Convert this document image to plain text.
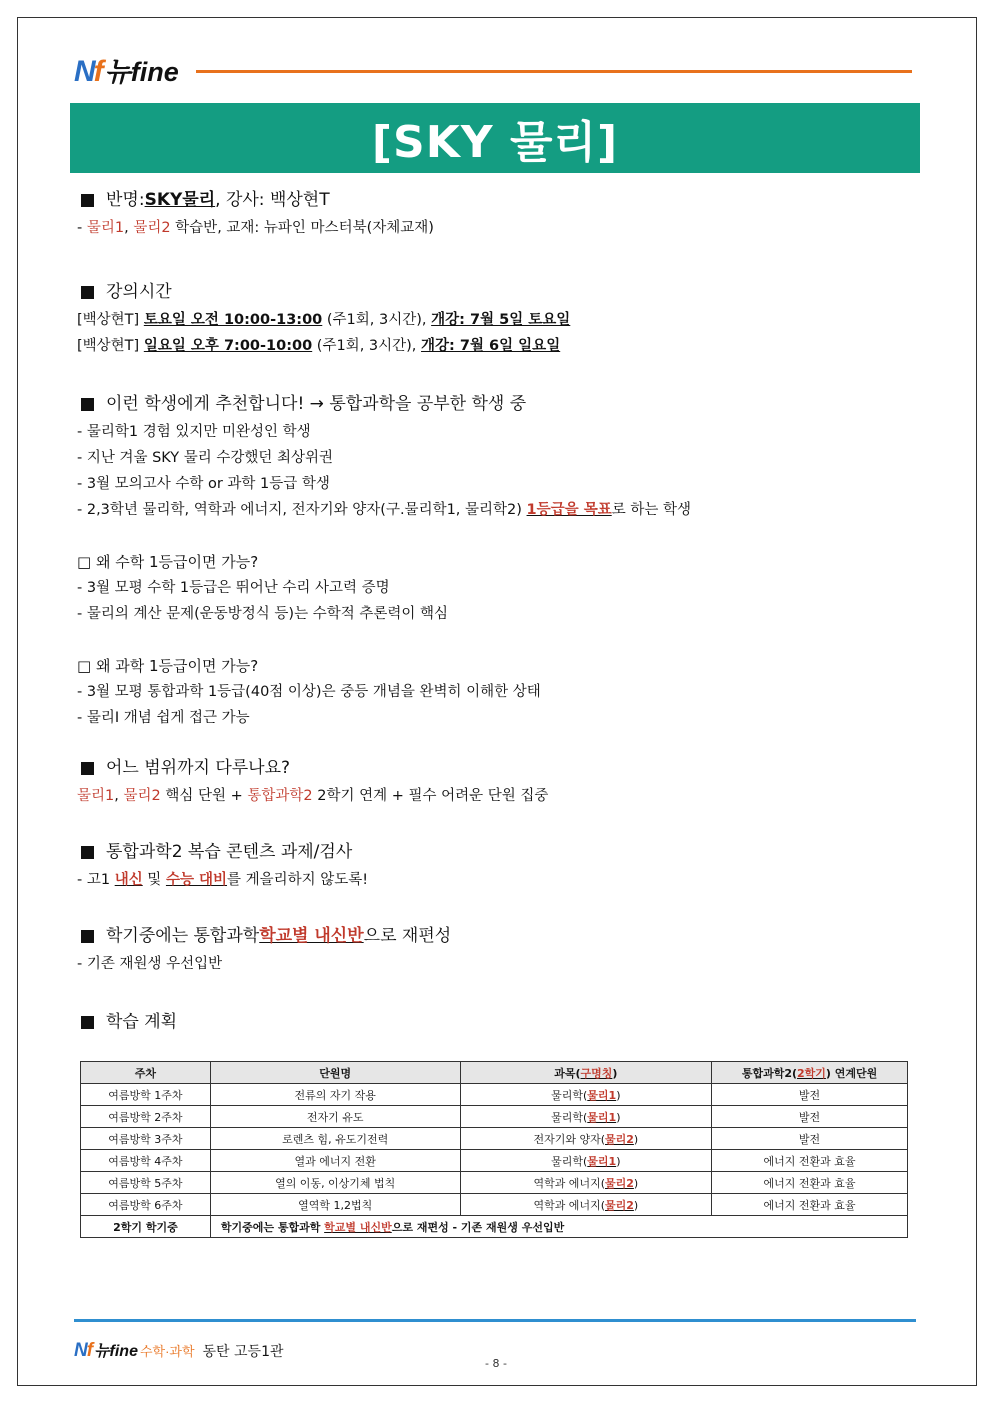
Nf 뉴fine
[SKY 물리]
반명: SKY물리 , 강사: 백상현T
- 물리1, 물리2 학습반, 교재: 뉴파인 마스터북(자체교재)
강의시간
[백상현T] 토요일 오전 10:00-13:00 (주1회, 3시간), 개강: 7월 5일 토요일
[백상현T] 일요일 오후 7:00-10:00 (주1회, 3시간), 개강: 7월 6일 일요일
이런 학생에게 추천합니다! → 통합과학을 공부한 학생 중
- 물리학1 경험 있지만 미완성인 학생
- 지난 겨울 SKY 물리 수강했던 최상위권
- 3월 모의고사 수학 or 과학 1등급 학생
- 2,3학년 물리학, 역학과 에너지, 전자기와 양자(구.물리학1, 물리학2) 1등급을 목표로 하는 학생
□ 왜 수학 1등급이면 가능?
- 3월 모평 수학 1등급은 뛰어난 수리 사고력 증명
- 물리의 계산 문제(운동방정식 등)는 수학적 추론력이 핵심
□ 왜 과학 1등급이면 가능?
- 3월 모평 통합과학 1등급(40점 이상)은 중등 개념을 완벽히 이해한 상태
- 물리Ⅰ 개념 쉽게 접근 가능
어느 범위까지 다루나요?
물리1, 물리2 핵심 단원 + 통합과학2 2학기 연계 + 필수 어려운 단원 집중
통합과학2 복습 콘텐츠 과제/검사
- 고1 내신 및 수능 대비를 게을리하지 않도록!
학기중에는 통합과학 학교별 내신반 으로 재편성
- 기존 재원생 우선입반
학습 계획
주차	단원명	과목(구명칭)	통합과학2(2학기) 연계단원
여름방학 1주차	전류의 자기 작용	물리학(물리1)	발전
여름방학 2주차	전자기 유도	물리학(물리1)	발전
여름방학 3주차	로렌츠 힘, 유도기전력	전자기와 양자(물리2)	발전
여름방학 4주차	열과 에너지 전환	물리학(물리1)	에너지 전환과 효율
여름방학 5주차	열의 이동, 이상기체 법칙	역학과 에너지(물리2)	에너지 전환과 효율
여름방학 6주차	열역학 1,2법칙	역학과 에너지(물리2)	에너지 전환과 효율
2학기 학기중	학기중에는 통합과학 학교별 내신반으로 재편성 - 기존 재원생 우선입반		
Nf 뉴fine 수학·과학 동탄 고등1관
- 8 -
